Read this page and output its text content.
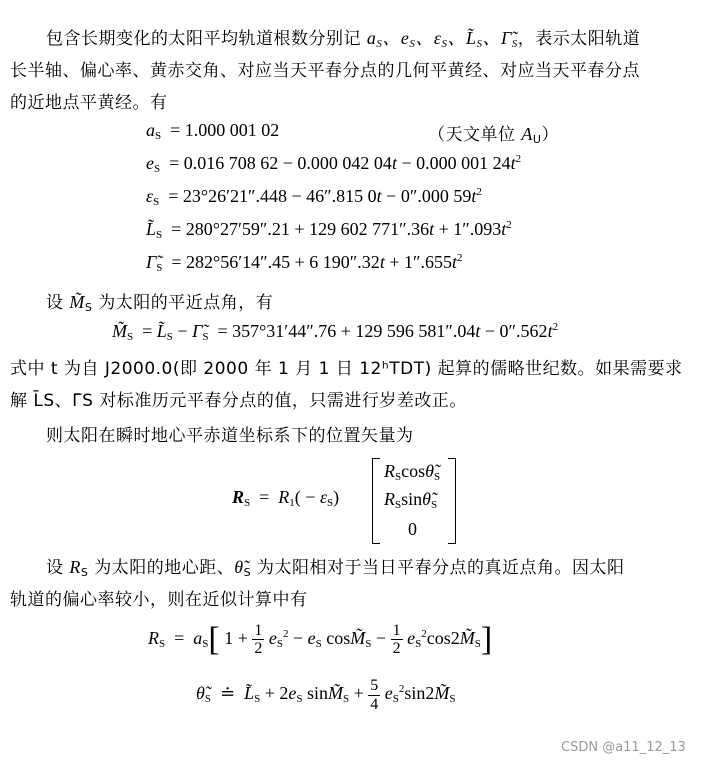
包含长期变化的太阳平均轨道根数分别记 $a_S$、$e_S$、$\varepsilon_S$、$L̃_S$、$\Gammã_S$，表示太阳轨道
长半轴、偏心率、黄赤交角、对应当天平春分点的几何平黄经、对应当天平春分点
的近地点平黄经。有
$a_S = 1.000$ 001 02	（天文单位 $A_U$）
$e_S = 0.016$ 708 62 − 0.000 042 04t − 0.000 001 $24t^2$
$\varepsilon_S = 23^\circ 26'21''.448 - 46''.815$ 0t − 0″.000 $59t^2$
$L̃_S = 280^\circ 27'59''.21 + 129$ 602 $771''.36t + 1''.093t^2$
$\Gammã_S = 282^\circ 56'14''.45 + 6$ $190''.32t + 1''.655t^2$
设 $M̃_S$ 为太阳的平近点角，有
$M̃_S$  = $L̃_S$ − $\Gammã_S = 357^\circ 31'44''.76 + 129$ 596 $581''.04t - 0''.562t^2$
式中 t 为自 J2000.0(即 2000 年 1 月 1 日 12ʰTDT) 起算的儒略世纪数。如果需要求
解 L̄S、Γ̄S 对标准历元平春分点的值，只需进行岁差改正。
则太阳在瞬时地心平赤道坐标系下的位置矢量为
$R_S = R_1( - \varepsilon_S)$
$R_S\cos\thetã_S$
$R_S\sin\thetã_S$
0
设 $R_S$ 为太阳的地心距、$\thetã_S$ 为太阳相对于当日平春分点的真近点角。因太阳
轨道的偏心率较小，则在近似计算中有
$R_S = a_S$[ $1 + \frac{1}{2} e_S^2 - e_S$ $\cos M̃_S - \frac{1}{2}$ $e_S^2\cos 2M̃_S$]
$\thetã_S$  ≐  $L̃_S + 2e_S$ $\sin M̃_S + \frac{5}{4}$ $e_S^2\sin 2M̃_S$
CSDN @a11_12_13
